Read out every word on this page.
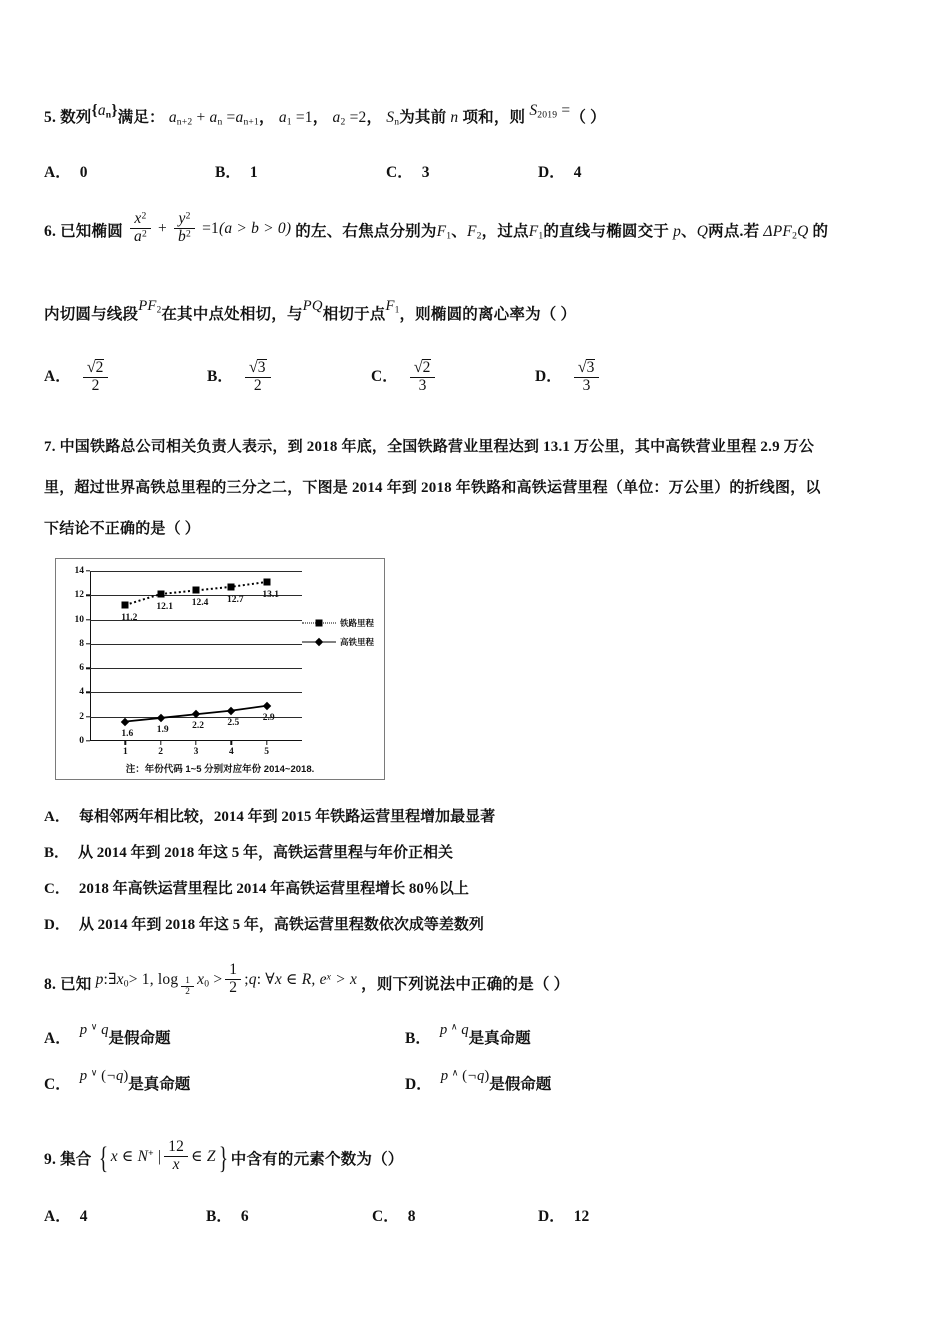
5. 数列$\{a_n\}$满足： $a_{n+2} + a_n =a_{n+1}$， $a_1 =1$， $a_2 =2$， $S_n$为其前 n 项和，则 $S_{2019}$ =（ ）
A． 0	B． 1	C． 3	D． 4
6. 已知椭圆 $\frac{x^2}{a^2} + \frac{y^2}{b^2} =1(a > b > 0)$ 的左、右焦点分别为$F_1$、$F_2$，过点$F_1$的直线与椭圆交于 p、Q两点.若 $\Delta PF_2Q$ 的
内切圆与线段$PF_2$在其中点处相切，与PQ相切于点$F_1$，则椭圆的离心率为（ ）
A． $\frac{√2}{2}$	B． $\frac{√3}{2}$	C． $\frac{√2}{3}$	D． $\frac{√3}{3}$
7. 中国铁路总公司相关负责人表示，到 2018 年底，全国铁路营业里程达到 13.1 万公里，其中高铁营业里程 2.9 万公
里，超过世界高铁总里程的三分之二，下图是 2014 年到 2018 年铁路和高铁运营里程（单位：万公里）的折线图，以
下结论不正确的是（ ）
0
2
4
6
8
10
12
14
1	2	3	4	5
11.2
12.1 12.4 12.7 13.1
1.6 1.9 2.2 2.5 2.9
铁路里程
高铁里程
注：年份代码 1~5 分别对应年份 2014~2018.
A． 每相邻两年相比较，2014 年到 2015 年铁路运营里程增加最显著
B． 从 2014 年到 2018 年这 5 年，高铁运营里程与年价正相关
C． 2018 年高铁运营里程比 2014 年高铁运营里程增长 80％以上
D． 从 2014 年到 2018 年这 5 年，高铁运营里程数依次成等差数列
8. 已知 $p:\exists x_0> 1$, $\log \frac{1}{2} x_0 > \frac{1}{2}$ ;q: ∀x ∈ R, $e^x > x$ ，则下列说法中正确的是（ ）
A． p ∨ q是假命题	B． p ∧ q是真命题
C． p ∨ (¬q)是真命题	D． p ∧ (¬q)是假命题
9. 集合 { x ∈ N+ | $\frac{12}{x}$ ∈ Z} 中含有的元素个数为（）
A． 4	B． 6	C． 8	D． 12
